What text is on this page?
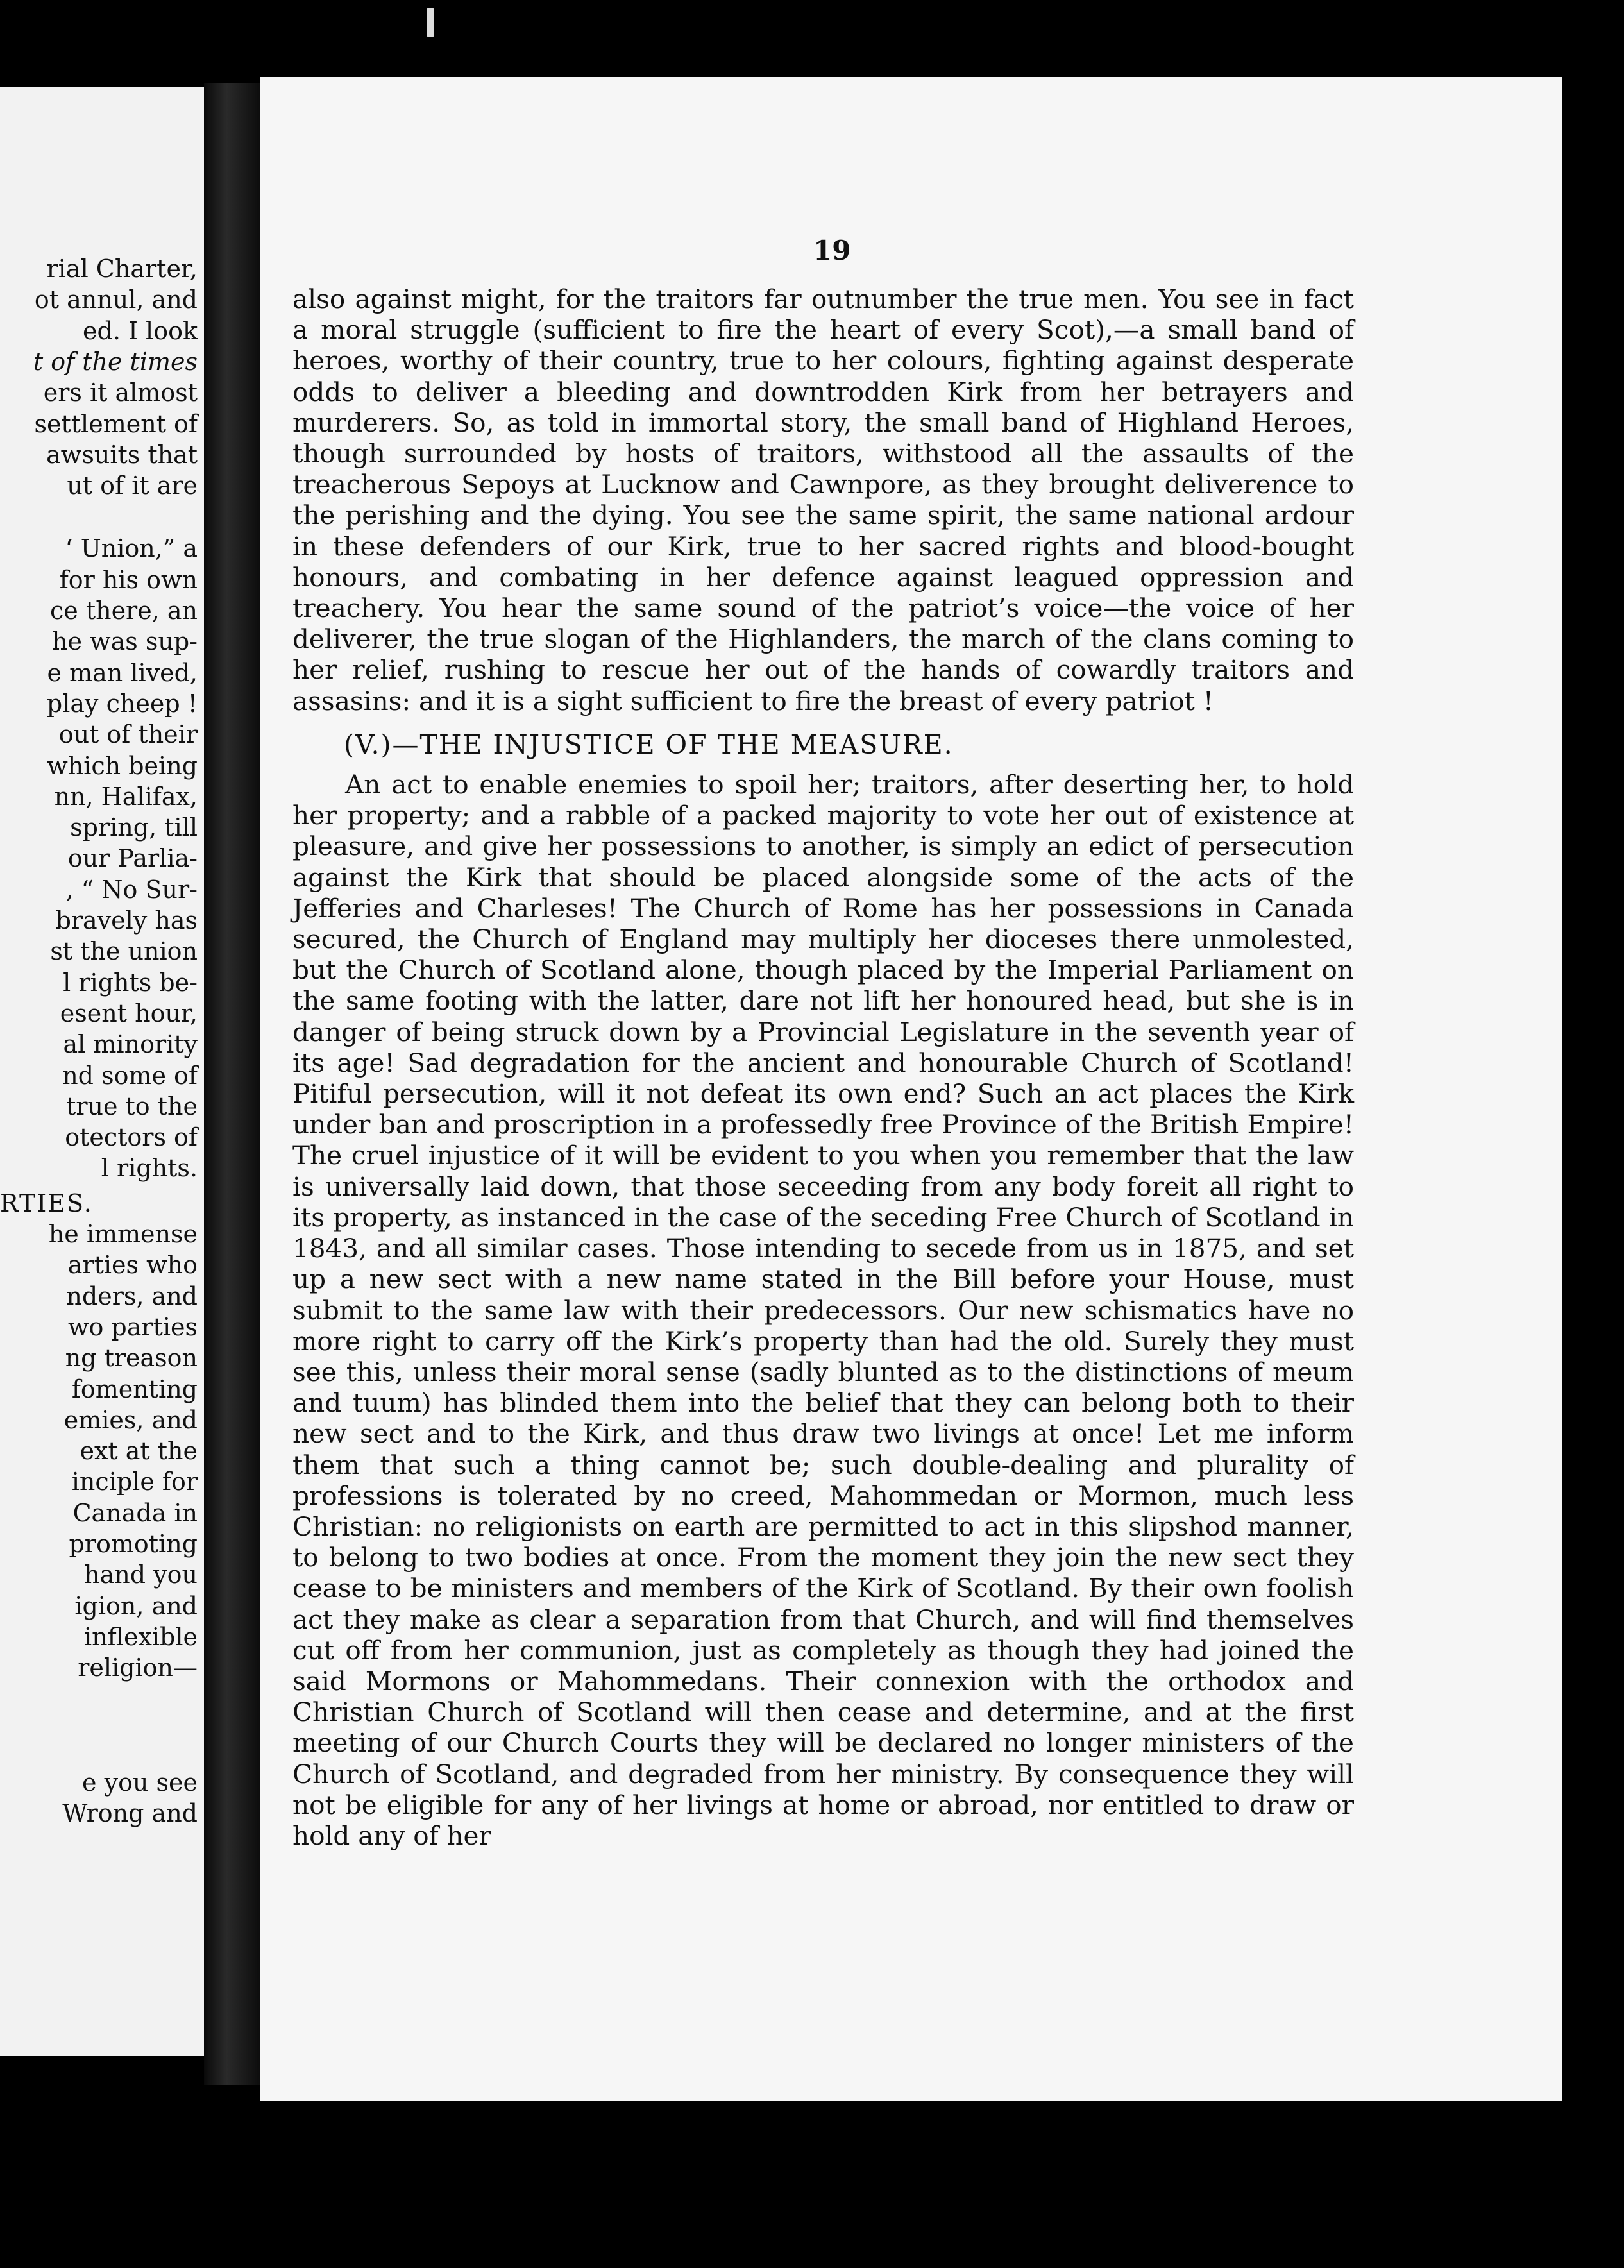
rial Charter,
ot annul, and
ed. I look
t of the times
ers it almost
settlement of
awsuits that
ut of it are
‘ Union,” a
for his own
ce there, an
he was sup-
e man lived,
play cheep !
out of their
which being
nn, Halifax,
spring, till
our Parlia-
, “ No Sur-
bravely has
st the union
l rights be-
esent hour,
al minority
nd some of
true to the
otectors of
l rights.
RTIES.
he immense
arties who
nders, and
wo parties
ng treason
fomenting
emies, and
ext at the
inciple for
Canada in
promoting
hand you
igion, and
inflexible
religion—
e you see
Wrong and
19

also against might, for the traitors far outnumber the true men. You see in fact a moral struggle (sufficient to fire the heart of every Scot),—a small band of heroes, worthy of their country, true to her colours, fighting against desperate odds to deliver a bleeding and downtrodden Kirk from her betrayers and murderers. So, as told in immortal story, the small band of Highland Heroes, though surrounded by hosts of traitors, withstood all the assaults of the treacherous Sepoys at Lucknow and Cawnpore, as they brought deliverence to the perishing and the dying. You see the same spirit, the same national ardour in these defenders of our Kirk, true to her sacred rights and blood-bought honours, and combating in her defence against leagued oppression and treachery. You hear the same sound of the patriot’s voice—the voice of her deliverer, the true slogan of the Highlanders, the march of the clans coming to her relief, rushing to rescue her out of the hands of cowardly traitors and assasins: and it is a sight sufficient to fire the breast of every patriot !

(V.)—THE INJUSTICE OF THE MEASURE.

An act to enable enemies to spoil her; traitors, after deserting her, to hold her property; and a rabble of a packed majority to vote her out of existence at pleasure, and give her possessions to another, is simply an edict of persecution against the Kirk that should be placed alongside some of the acts of the Jefferies and Charleses! The Church of Rome has her possessions in Canada secured, the Church of England may multiply her dioceses there unmolested, but the Church of Scotland alone, though placed by the Imperial Parliament on the same footing with the latter, dare not lift her honoured head, but she is in danger of being struck down by a Provincial Legislature in the seventh year of its age! Sad degradation for the ancient and honourable Church of Scotland! Pitiful persecution, will it not defeat its own end? Such an act places the Kirk under ban and proscription in a professedly free Province of the British Empire! The cruel injustice of it will be evident to you when you remember that the law is universally laid down, that those seceeding from any body foreit all right to its property, as instanced in the case of the seceding Free Church of Scotland in 1843, and all similar cases. Those intending to secede from us in 1875, and set up a new sect with a new name stated in the Bill before your House, must submit to the same law with their predecessors. Our new schismatics have no more right to carry off the Kirk’s property than had the old. Surely they must see this, unless their moral sense (sadly blunted as to the distinctions of meum and tuum) has blinded them into the belief that they can belong both to their new sect and to the Kirk, and thus draw two livings at once! Let me inform them that such a thing cannot be; such double-dealing and plurality of professions is tolerated by no creed, Mahommedan or Mormon, much less Christian: no religionists on earth are permitted to act in this slipshod manner, to belong to two bodies at once. From the moment they join the new sect they cease to be ministers and members of the Kirk of Scotland. By their own foolish act they make as clear a separation from that Church, and will find themselves cut off from her communion, just as completely as though they had joined the said Mormons or Mahommedans. Their connexion with the orthodox and Christian Church of Scotland will then cease and determine, and at the first meeting of our Church Courts they will be declared no longer ministers of the Church of Scotland, and degraded from her ministry. By consequence they will not be eligible for any of her livings at home or abroad, nor entitled to draw or hold any of her
